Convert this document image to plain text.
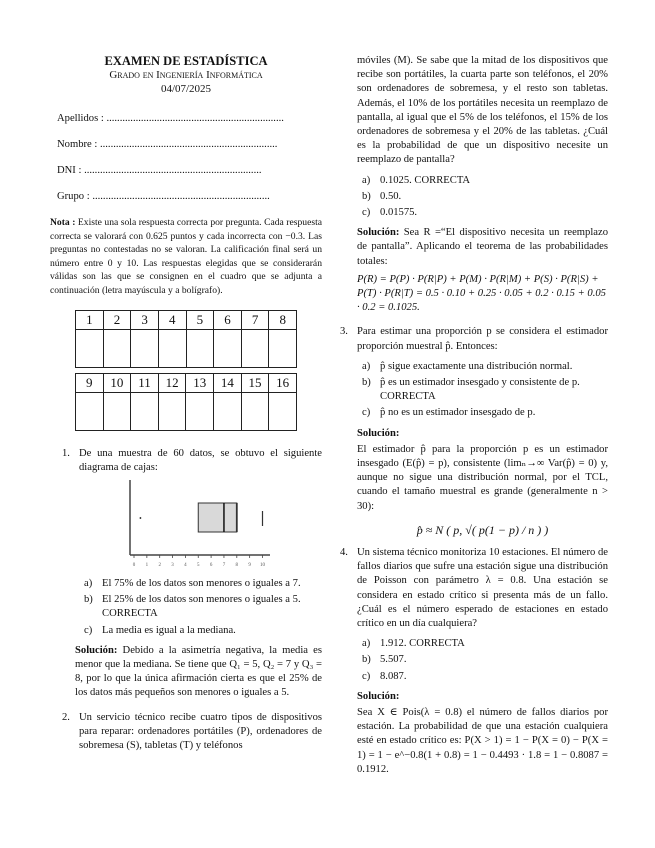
EXAMEN DE ESTADÍSTICA
Grado en Ingeniería Informática
04/07/2025
Apellidos : ...................................................................
Nombre : ...................................................................
DNI : ...................................................................
Grupo : ...................................................................
Nota : Existe una sola respuesta correcta por pregunta. Cada respuesta correcta se valorará con 0.625 puntos y cada incorrecta con −0.3. Las preguntas no contestadas no se valoran. La calificación final será un número entre 0 y 10. Las respuestas elegidas que se considerarán válidas son las que se consignen en el cuadro que se adjunta a continuación (letra mayúscula y a bolígrafo).
1	2	3	4	5	6	7	8

9	10	11	12	13	14	15	16

1. De una muestra de 60 datos, se obtuvo el siguiente diagrama de cajas:
0 1 2 3 4 5 6 7 8 9 10
a) El 75% de los datos son menores o iguales a 7.
b) El 25% de los datos son menores o iguales a 5. CORRECTA
c) La media es igual a la mediana.
Solución: Debido a la asimetría negativa, la media es menor que la mediana. Se tiene que Q₁ = 5, Q₂ = 7 y Q₃ = 8, por lo que la única afirmación cierta es que el 25% de los datos más pequeños son menores o iguales a 5.
2. Un servicio técnico recibe cuatro tipos de dispositivos para reparar: ordenadores portátiles (P), ordenadores de sobremesa (S), tabletas (T) y teléfonos
móviles (M). Se sabe que la mitad de los dispositivos que recibe son portátiles, la cuarta parte son teléfonos, el 20% son ordenadores de sobremesa, y el resto son tabletas. Además, el 10% de los portátiles necesita un reemplazo de pantalla, al igual que el 5% de los teléfonos, el 15% de los ordenadores de sobremesa y el 20% de las tabletas. ¿Cuál es la probabilidad de que un dispositivo necesite un reemplazo de pantalla?
a) 0.1025. CORRECTA
b) 0.50.
c) 0.01575.
Solución: Sea R =“El dispositivo necesita un reemplazo de pantalla”. Aplicando el teorema de las probabilidades totales:
P(R) = P(P) · P(R|P) + P(M) · P(R|M) + P(S) · P(R|S) + P(T) · P(R|T) = 0.5 · 0.10 + 0.25 · 0.05 + 0.2 · 0.15 + 0.05 · 0.2 = 0.1025.
3. Para estimar una proporción p se considera el estimador proporción muestral p̂. Entonces:
a) p̂ sigue exactamente una distribución normal.
b) p̂ es un estimador insesgado y consistente de p. CORRECTA
c) p̂ no es un estimador insesgado de p.
Solución:
El estimador p̂ para la proporción p es un estimador insesgado (E(p̂) = p), consistente (limₙ→∞ Var(p̂) = 0) y, aunque no sigue una distribución normal, por el TCL, cuando el tamaño muestral es grande (generalmente n > 30):
p̂ ≈ N ( p, √( p(1 − p) / n ) )
4. Un sistema técnico monitoriza 10 estaciones. El número de fallos diarios que sufre una estación sigue una distribución de Poisson con parámetro λ = 0.8. Una estación se considera en estado crítico si presenta más de un fallo. ¿Cuál es el número esperado de estaciones en estado crítico en un día cualquiera?
a) 1.912. CORRECTA
b) 5.507.
c) 8.087.
Solución:
Sea X ∈ Pois(λ = 0.8) el número de fallos diarios por estación. La probabilidad de que una estación cualquiera esté en estado crítico es: P(X > 1) = 1 − P(X = 0) − P(X = 1) = 1 − e^−0.8(1 + 0.8) = 1 − 0.4493 · 1.8 = 1 − 0.8087 = 0.1912.
